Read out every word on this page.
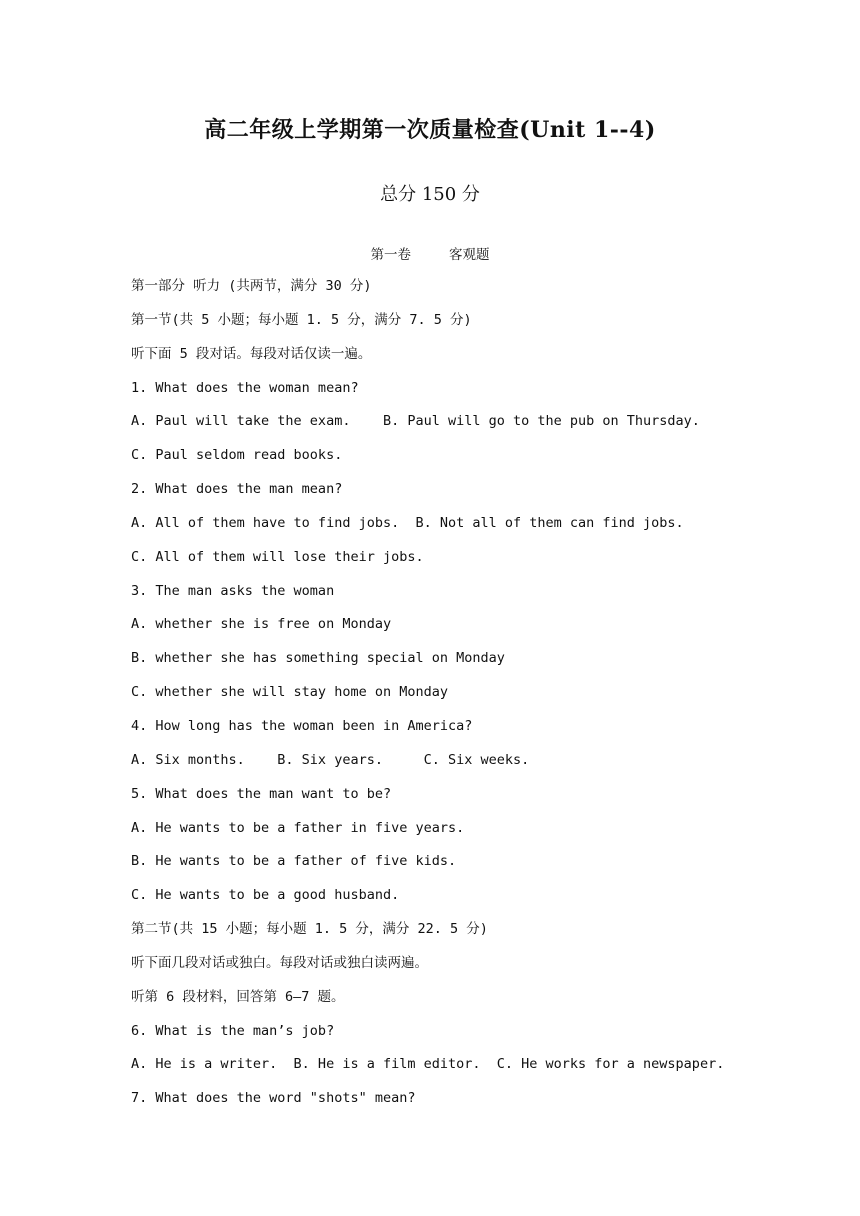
高二年级上学期第一次质量检查(Unit 1--4)
总分 150 分
第一卷	客观题
第一部分 听力 (共两节，满分 30 分)
第一节(共 5 小题；每小题 1. 5 分，满分 7. 5 分)
听下面 5 段对话。每段对话仅读一遍。
1. What does the woman mean?
A. Paul will take the exam.    B. Paul will go to the pub on Thursday.
C. Paul seldom read books.
2. What does the man mean?
A. All of them have to find jobs.  B. Not all of them can find jobs.
C. All of them will lose their jobs.
3. The man asks the woman
A. whether she is free on Monday
B. whether she has something special on Monday
C. whether she will stay home on Monday
4. How long has the woman been in America?
A. Six months.    B. Six years.     C. Six weeks.
5. What does the man want to be?
A. He wants to be a father in five years.
B. He wants to be a father of five kids.
C. He wants to be a good husband.
第二节(共 15 小题；每小题 1. 5 分，满分 22. 5 分)
听下面几段对话或独白。每段对话或独白读两遍。
听第 6 段材料，回答第 6—7 题。
6. What is the man’s job?
A. He is a writer.  B. He is a film editor.  C. He works for a newspaper.
7. What does the word "shots" mean?
